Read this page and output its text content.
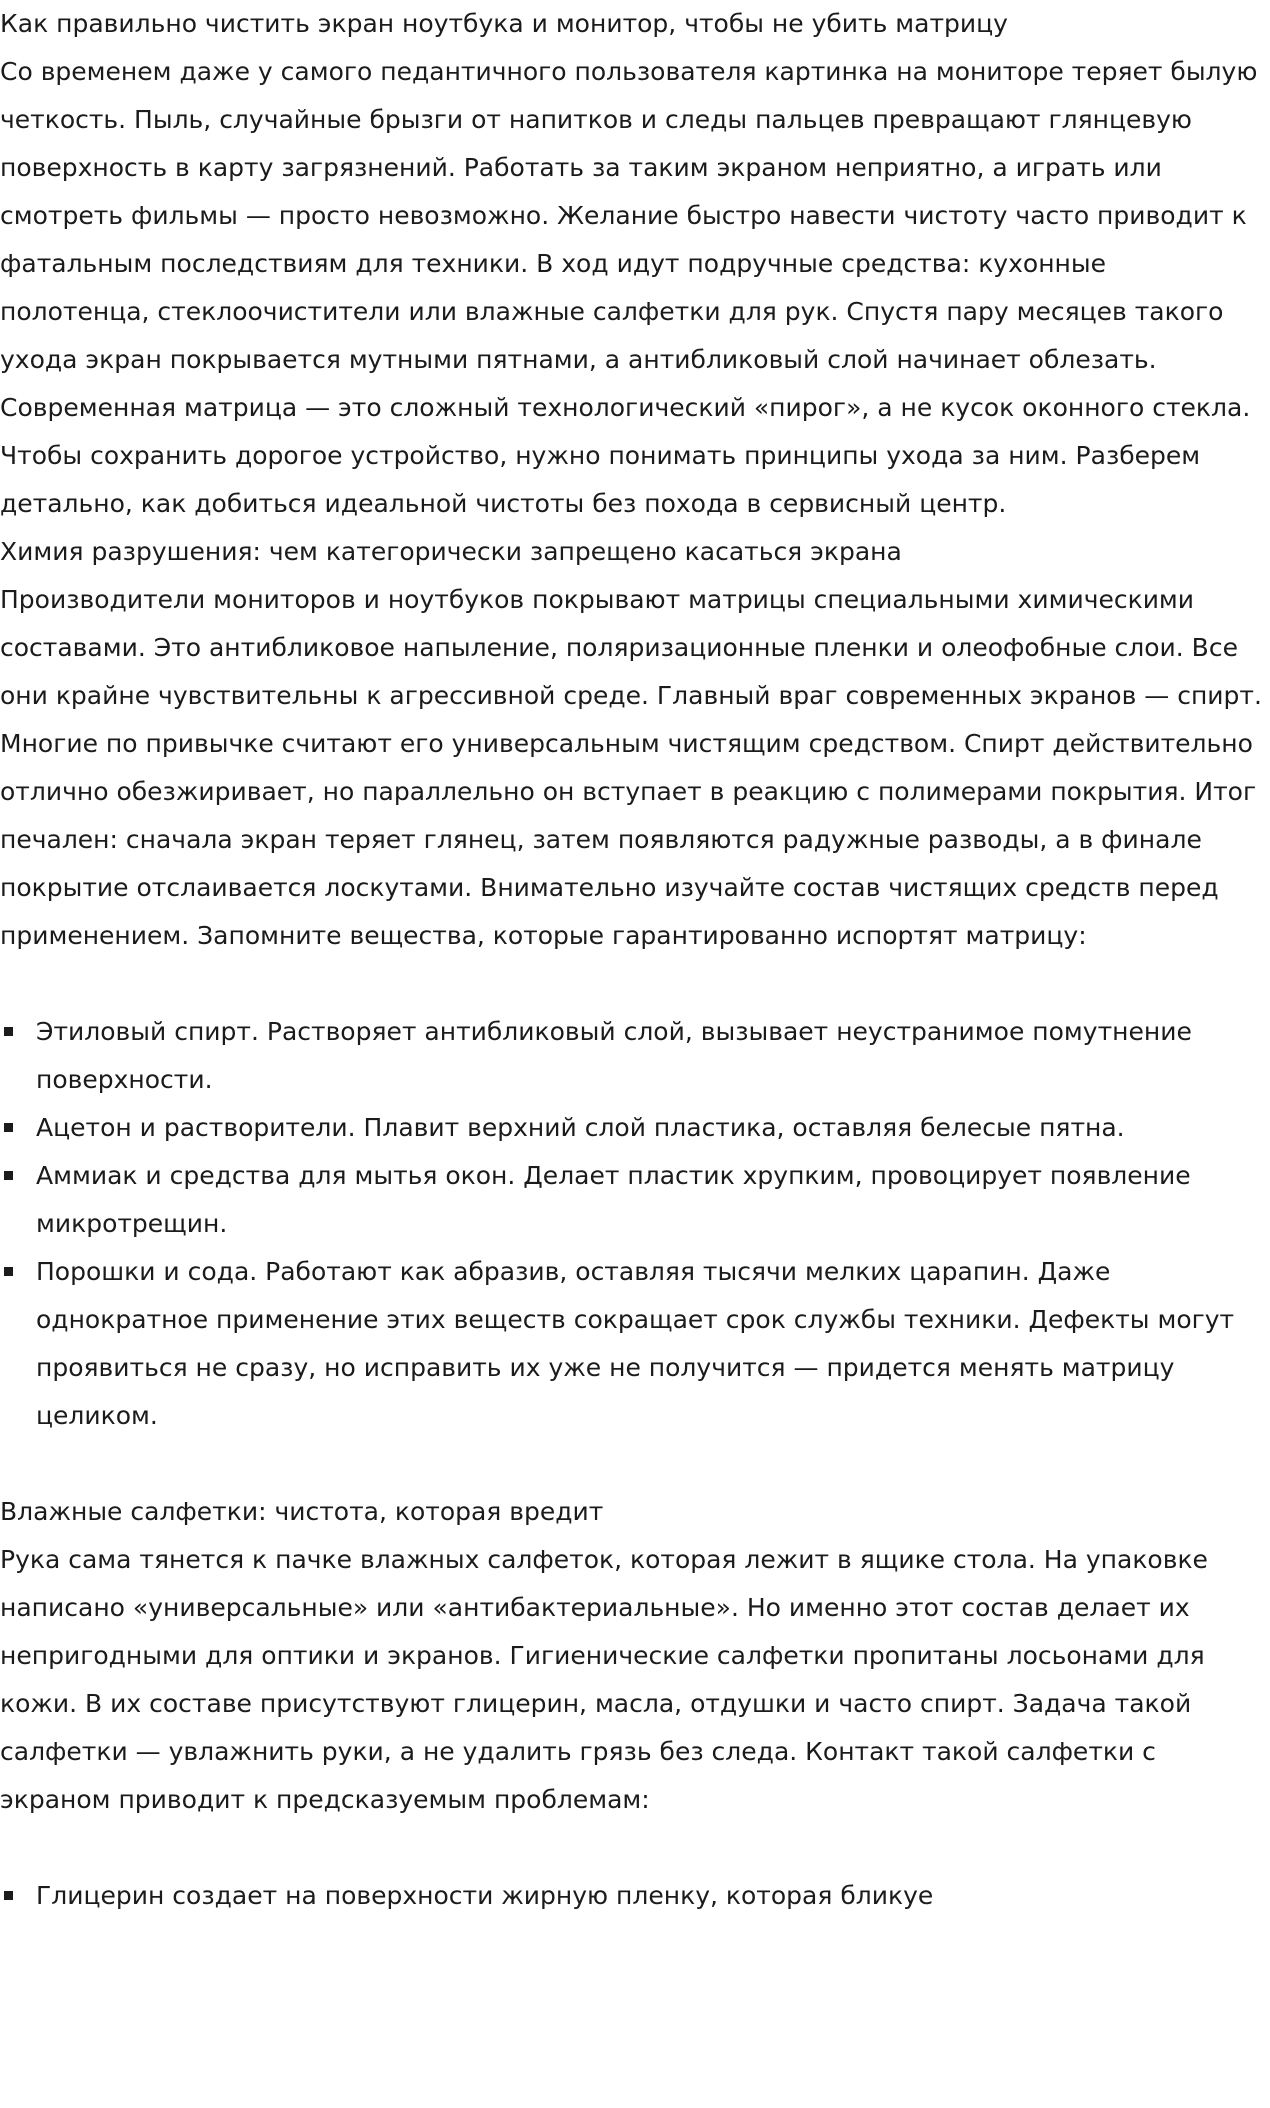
Как правильно чистить экран ноутбука и монитор, чтобы не убить матрицу

Со временем даже у самого педантичного пользователя картинка на мониторе теряет былую четкость. Пыль, случайные брызги от напитков и следы пальцев превращают глянцевую поверхность в карту загрязнений. Работать за таким экраном неприятно, а играть или смотреть фильмы — просто невозможно. Желание быстро навести чистоту часто приводит к фатальным последствиям для техники. В ход идут подручные средства: кухонные полотенца, стеклоочистители или влажные салфетки для рук. Спустя пару месяцев такого ухода экран покрывается мутными пятнами, а антибликовый слой начинает облезать. Современная матрица — это сложный технологический «пирог», а не кусок оконного стекла. Чтобы сохранить дорогое устройство, нужно понимать принципы ухода за ним. Разберем детально, как добиться идеальной чистоты без похода в сервисный центр.

Химия разрушения: чем категорически запрещено касаться экрана

Производители мониторов и ноутбуков покрывают матрицы специальными химическими составами. Это антибликовое напыление, поляризационные пленки и олеофобные слои. Все они крайне чувствительны к агрессивной среде. Главный враг современных экранов — спирт. Многие по привычке считают его универсальным чистящим средством. Спирт действительно отлично обезжиривает, но параллельно он вступает в реакцию с полимерами покрытия. Итог печален: сначала экран теряет глянец, затем появляются радужные разводы, а в финале покрытие отслаивается лоскутами. Внимательно изучайте состав чистящих средств перед применением. Запомните вещества, которые гарантированно испортят матрицу:

Этиловый спирт. Растворяет антибликовый слой, вызывает неустранимое помутнение поверхности.
Ацетон и растворители. Плавит верхний слой пластика, оставляя белесые пятна.
Аммиак и средства для мытья окон. Делает пластик хрупким, провоцирует появление микротрещин.
Порошки и сода. Работают как абразив, оставляя тысячи мелких царапин. Даже однократное применение этих веществ сокращает срок службы техники. Дефекты могут проявиться не сразу, но исправить их уже не получится — придется менять матрицу целиком.
Влажные салфетки: чистота, которая вредит

Рука сама тянется к пачке влажных салфеток, которая лежит в ящике стола. На упаковке написано «универсальные» или «антибактериальные». Но именно этот состав делает их непригодными для оптики и экранов. Гигиенические салфетки пропитаны лосьонами для кожи. В их составе присутствуют глицерин, масла, отдушки и часто спирт. Задача такой салфетки — увлажнить руки, а не удалить грязь без следа. Контакт такой салфетки с экраном приводит к предсказуемым проблемам:

Глицерин создает на поверхности жирную пленку, которая бликуе
